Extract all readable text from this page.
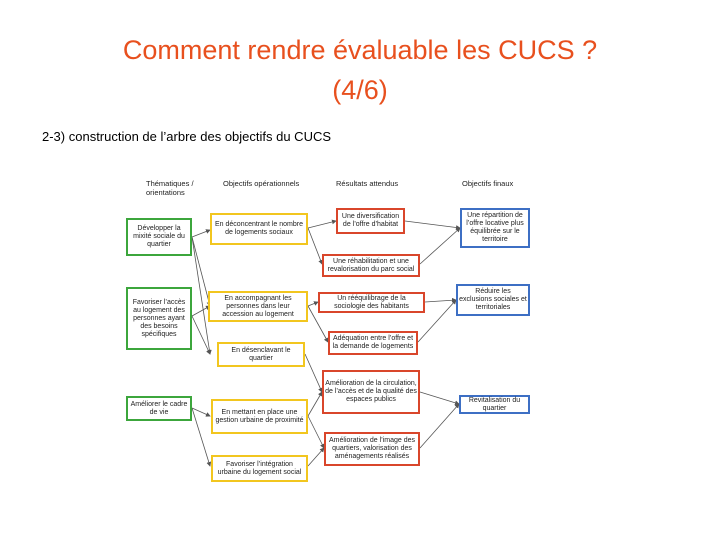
Comment rendre évaluable les CUCS ?
(4/6)
2-3) construction de l’arbre des objectifs du CUCS
Thématiques / orientations
Objectifs opérationnels	Résultats attendus	Objectifs finaux
Développer la mixité sociale du quartier
Favoriser l’accès au logement des personnes ayant des besoins spécifiques
Améliorer le cadre de vie
En déconcentrant le nombre de logements sociaux
En accompagnant les personnes dans leur accession au logement
En désenclavant le quartier
En mettant en place une gestion urbaine de proximité
Favoriser l’intégration urbaine du logement social
Une diversification de l’offre d’habitat
Une réhabilitation et une revalorisation du parc social
Un rééquilibrage de la sociologie des habitants
Adéquation entre l’offre et la demande de logements
Amélioration de la circulation, de l’accès et de la qualité des espaces publics
Amélioration de l’image des quartiers, valorisation des aménagements réalisés
Une répartition de l’offre locative plus équilibrée sur le territoire
Réduire les exclusions sociales et territoriales
Revitalisation du quartier
